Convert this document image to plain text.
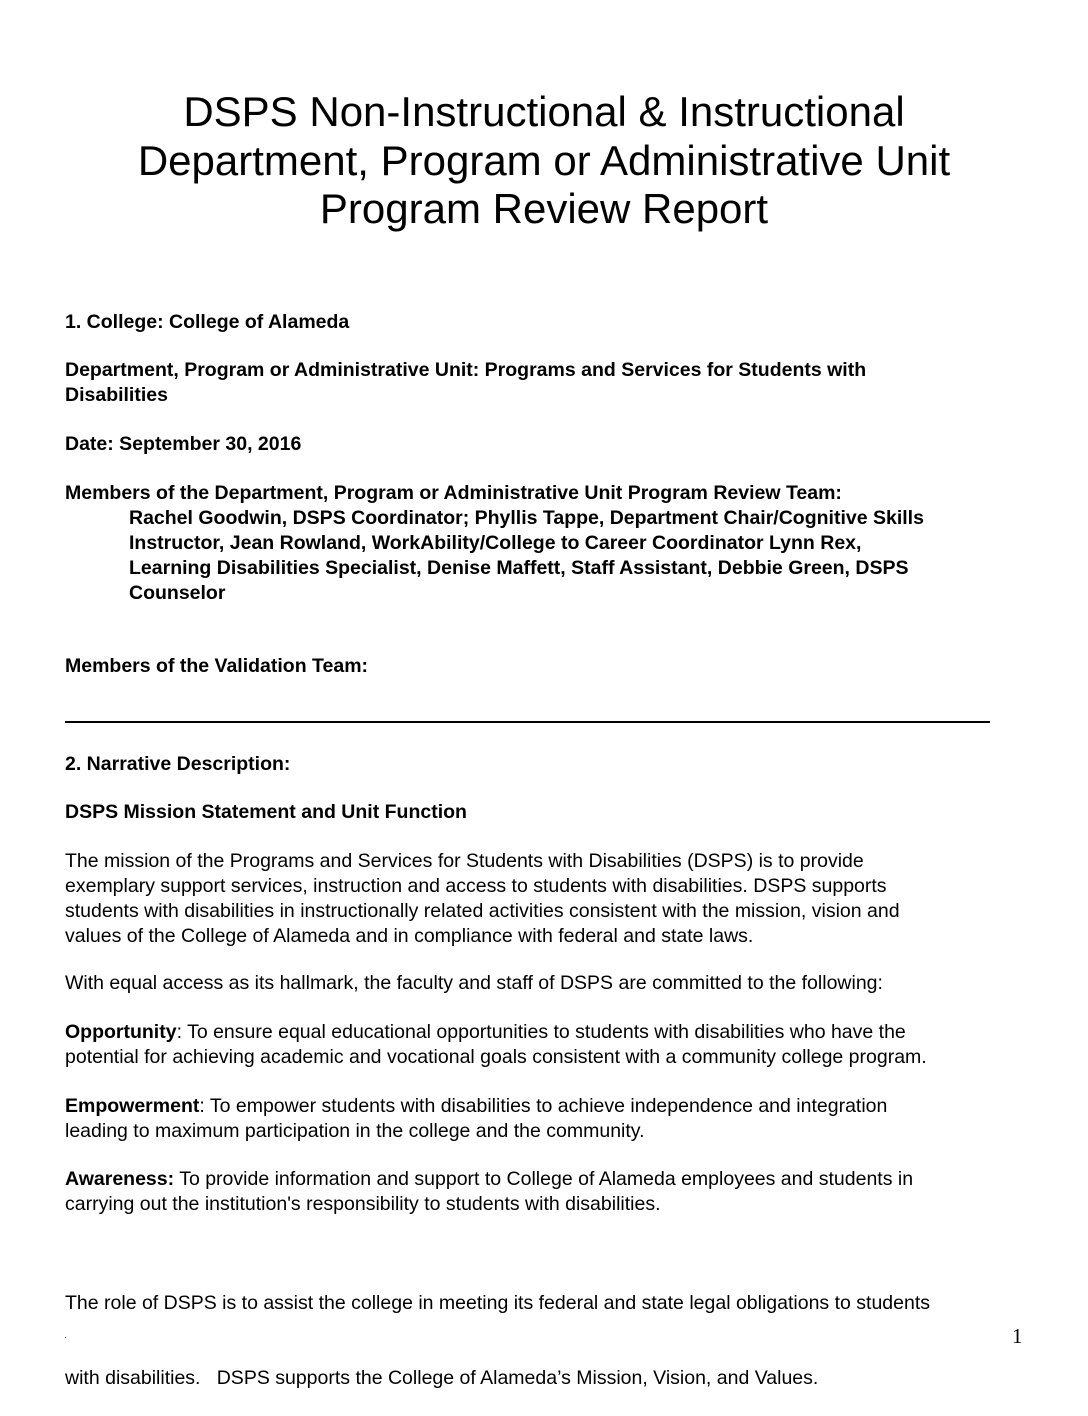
DSPS Non-Instructional & Instructional
Department, Program or Administrative Unit
Program Review Report
1. College: College of Alameda
Department, Program or Administrative Unit: Programs and Services for Students with
Disabilities
Date: September 30, 2016
Members of the Department, Program or Administrative Unit Program Review Team:
Rachel Goodwin, DSPS Coordinator; Phyllis Tappe, Department Chair/Cognitive Skills
Instructor, Jean Rowland, WorkAbility/College to Career Coordinator Lynn Rex,
Learning Disabilities Specialist, Denise Maffett, Staff Assistant, Debbie Green, DSPS
Counselor
Members of the Validation Team:
2. Narrative Description:
DSPS Mission Statement and Unit Function
The mission of the Programs and Services for Students with Disabilities (DSPS) is to provide
exemplary support services, instruction and access to students with disabilities. DSPS supports
students with disabilities in instructionally related activities consistent with the mission, vision and
values of the College of Alameda and in compliance with federal and state laws.
With equal access as its hallmark, the faculty and staff of DSPS are committed to the following:
Opportunity: To ensure equal educational opportunities to students with disabilities who have the
potential for achieving academic and vocational goals consistent with a community college program.
Empowerment: To empower students with disabilities to achieve independence and integration
leading to maximum participation in the college and the community.
Awareness: To provide information and support to College of Alameda employees and students in
carrying out the institution's responsibility to students with disabilities.

The role of DSPS is to assist the college in meeting its federal and state legal obligations to students

with disabilities.   DSPS supports the College of Alameda’s Mission, Vision, and Values.

.	1
